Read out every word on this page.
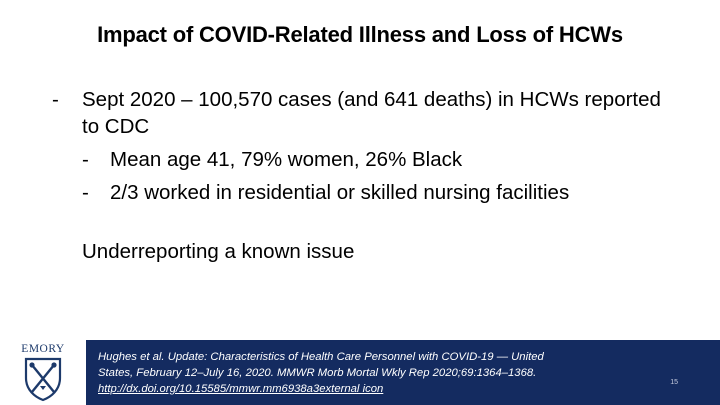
Impact of COVID-Related Illness and Loss of HCWs
- Sept 2020 – 100,570 cases (and 641 deaths) in HCWs reported to CDC
- Mean age 41, 79% women, 26% Black
- 2/3 worked in residential or skilled nursing facilities
Underreporting a known issue
EMORY
Hughes et al. Update: Characteristics of Health Care Personnel with COVID-19 — United
States, February 12–July 16, 2020. MMWR Morb Mortal Wkly Rep 2020;69:1364–1368.
http://dx.doi.org/10.15585/mmwr.mm6938a3external icon
15
